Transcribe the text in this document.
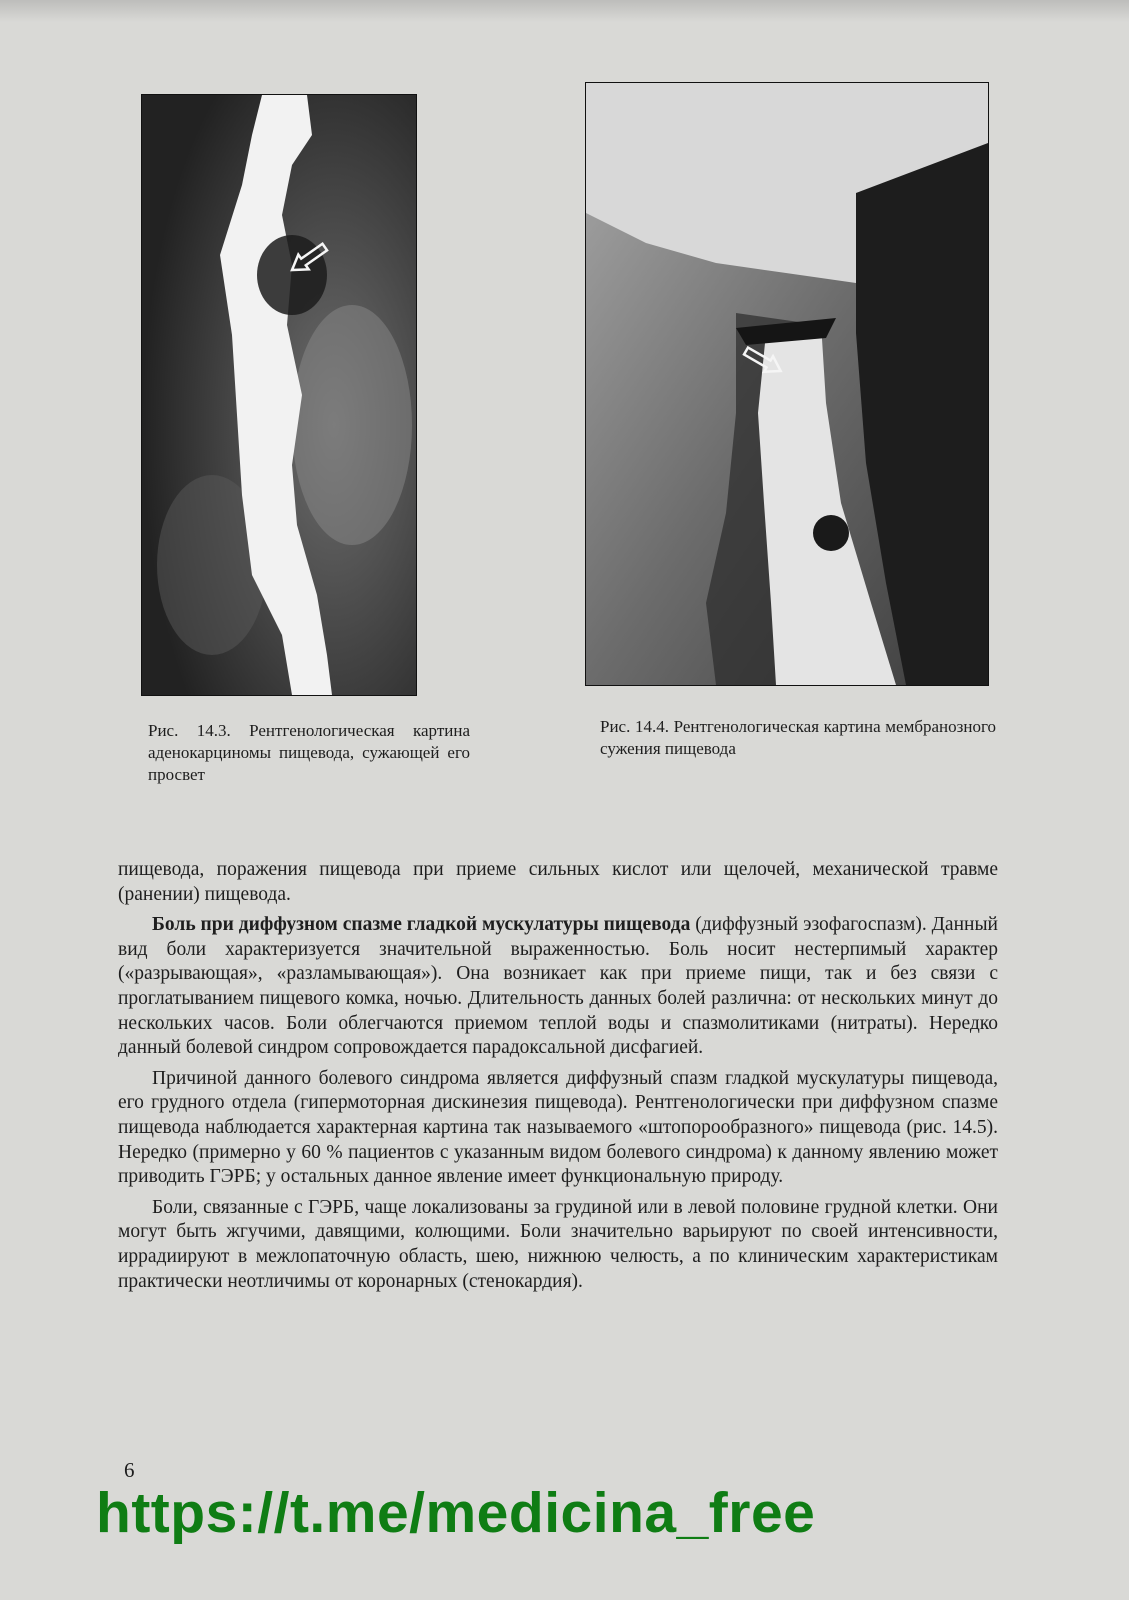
Рис. 14.3. Рентгенологическая картина аденокарциномы пищевода, сужающей его просвет
Рис. 14.4. Рентгенологическая картина мембранозного сужения пищевода

пищевода, поражения пищевода при приеме сильных кислот или щелочей, механической травме (ранении) пищевода.

Боль при диффузном спазме гладкой мускулатуры пищевода (диффузный эзофагоспазм). Данный вид боли характеризуется значительной выраженностью. Боль носит нестерпимый характер («разрывающая», «разламывающая»). Она возникает как при приеме пищи, так и без связи с проглатыванием пищевого комка, ночью. Длительность данных болей различна: от нескольких минут до нескольких часов. Боли облегчаются приемом теплой воды и спазмолитиками (нитраты). Нередко данный болевой синдром сопровождается парадоксальной дисфагией.

Причиной данного болевого синдрома является диффузный спазм гладкой мускулатуры пищевода, его грудного отдела (гипермоторная дискинезия пищевода). Рентгенологически при диффузном спазме пищевода наблюдается характерная картина так называемого «штопорообразного» пищевода (рис. 14.5). Нередко (примерно у 60 % пациентов с указанным видом болевого синдрома) к данному явлению может приводить ГЭРБ; у остальных данное явление имеет функциональную природу.

Боли, связанные с ГЭРБ, чаще локализованы за грудиной или в левой половине грудной клетки. Они могут быть жгучими, давящими, колющими. Боли значительно варьируют по своей интенсивности, иррадиируют в межлопаточную область, шею, нижнюю челюсть, а по клиническим характеристикам практически неотличимы от коронарных (стенокардия).

6
https://t.me/medicina_free
